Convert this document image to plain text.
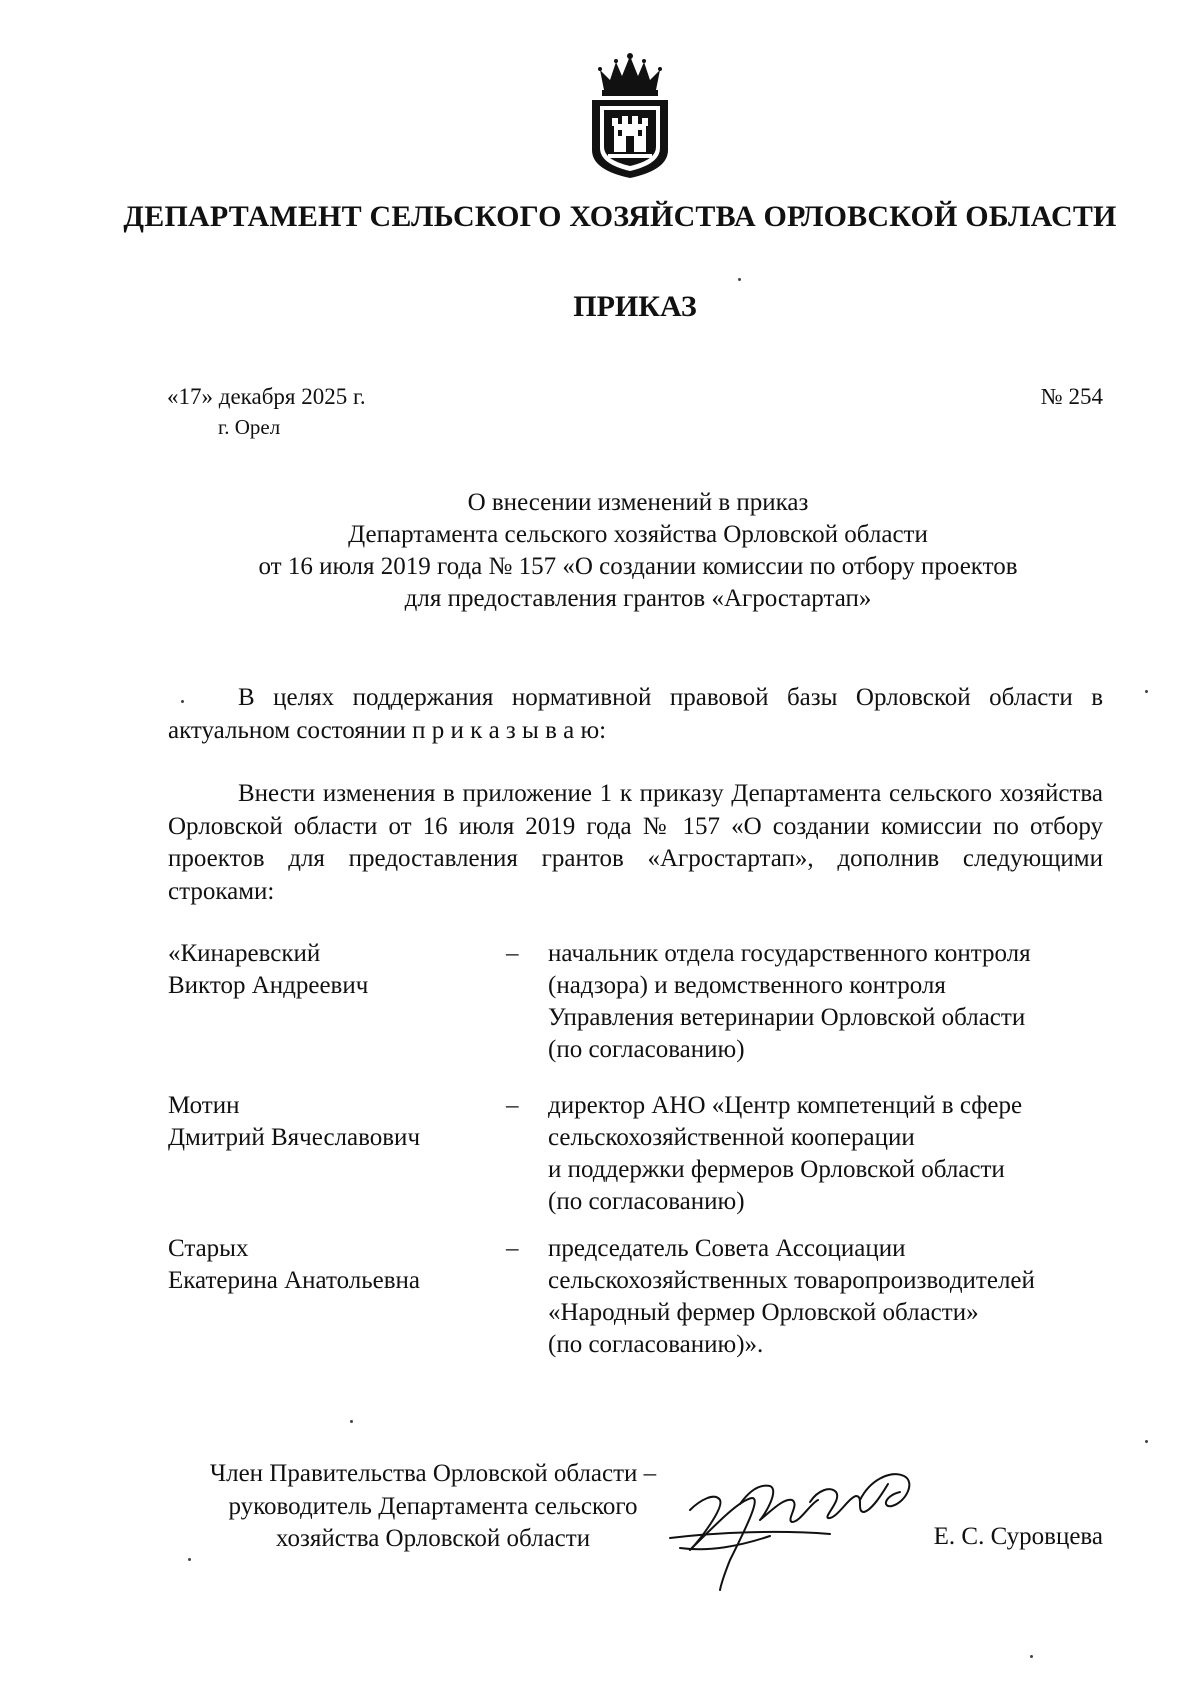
ДЕПАРТАМЕНТ СЕЛЬСКОГО ХОЗЯЙСТВА ОРЛОВСКОЙ ОБЛАСТИ
ПРИКАЗ
«17» декабря 2025 г.
г. Орел
№ 254
О внесении изменений в приказ
Департамента сельского хозяйства Орловской области
от 16 июля 2019 года № 157 «О создании комиссии по отбору проектов
для предоставления грантов «Агростартап»

В целях поддержания нормативной правовой базы Орловской области в актуальном состоянии п р и к а з ы в а ю:

Внести изменения в приложение 1 к приказу Департамента сельского хозяйства Орловской области от 16 июля 2019 года № 157 «О создании комиссии по отбору проектов для предоставления грантов «Агростартап», дополнив следующими строками:

«Кинаревский
Виктор Андреевич
– начальник отдела государственного контроля
(надзора) и ведомственного контроля
Управления ветеринарии Орловской области
(по согласованию)
Мотин
Дмитрий Вячеславович
– директор АНО «Центр компетенций в сфере
сельскохозяйственной кооперации
и поддержки фермеров Орловской области
(по согласованию)
Старых
Екатерина Анатольевна
– председатель Совета Ассоциации
сельскохозяйственных товаропроизводителей
«Народный фермер Орловской области»
(по согласованию)».
Член Правительства Орловской области –
руководитель Департамента сельского
хозяйства Орловской области	Е. С. Суровцева
